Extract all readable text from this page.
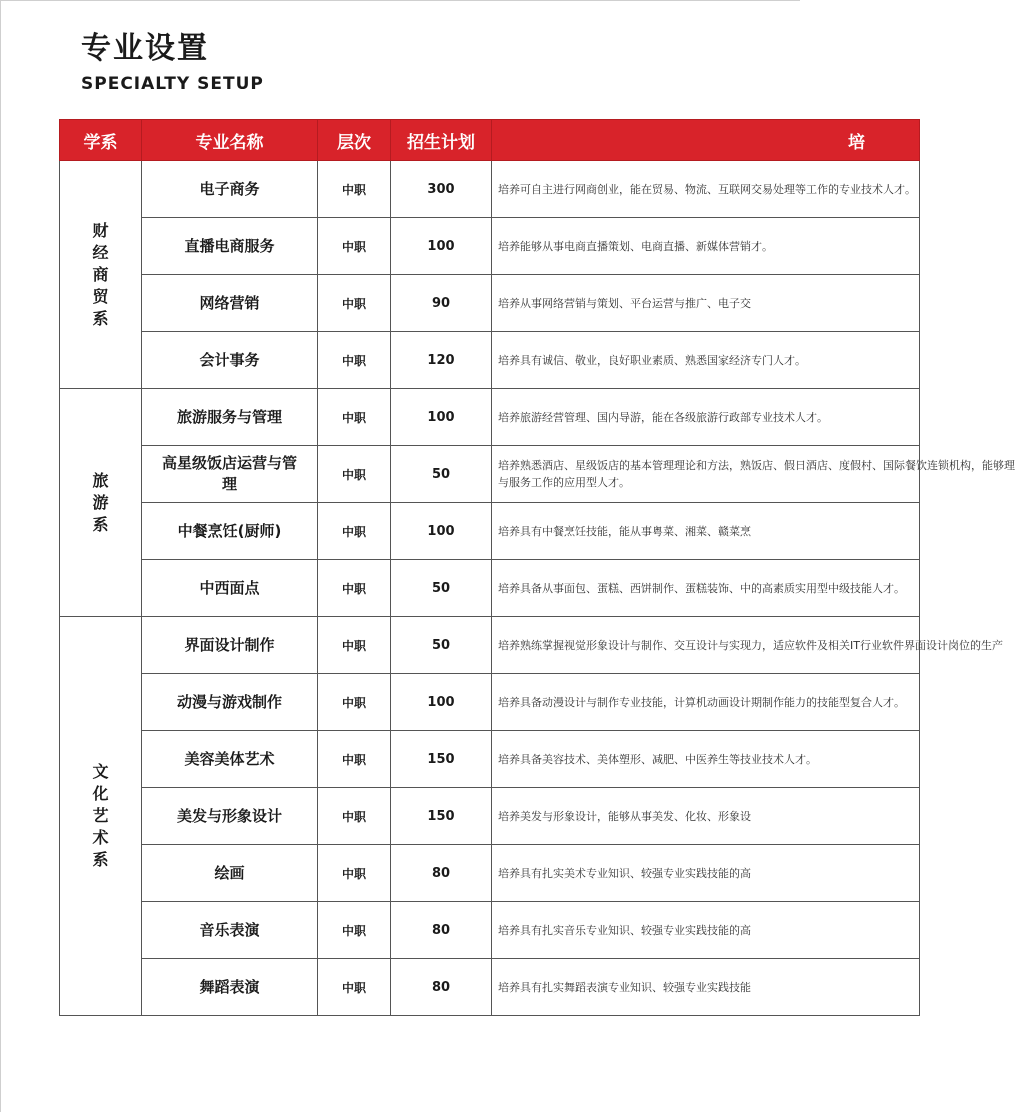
专业设置
SPECIALTY SETUP
学系	专业名称	层次	招生计划	培
财经商贸系	电子商务	中职	300	培养可自主进行网商创业，能在贸易、物流、互联网交易处理等工作的专业技术人才。

	直播电商服务	中职	100	培养能够从事电商直播策划、电商直播、新媒体营销才。

	网络营销	中职	90	培养从事网络营销与策划、平台运营与推广、电子交

	会计事务	中职	120	培养具有诚信、敬业，良好职业素质、熟悉国家经济专门人才。

旅游系	旅游服务与管理	中职	100	培养旅游经营管理、国内导游，能在各级旅游行政部专业技术人才。

	高星级饭店运营与管理	中职	50	培养熟悉酒店、星级饭店的基本管理理论和方法，熟饭店、假日酒店、度假村、国际餐饮连锁机构，能够理与服务工作的应用型人才。

	中餐烹饪(厨师)	中职	100	培养具有中餐烹饪技能，能从事粤菜、湘菜、赣菜烹

	中西面点	中职	50	培养具备从事面包、蛋糕、西饼制作、蛋糕装饰、中的高素质实用型中级技能人才。

文化艺术系	界面设计制作	中职	50	培养熟练掌握视觉形象设计与制作、交互设计与实现力，适应软件及相关IT行业软件界面设计岗位的生产

	动漫与游戏制作	中职	100	培养具备动漫设计与制作专业技能，计算机动画设计期制作能力的技能型复合人才。

	美容美体艺术	中职	150	培养具备美容技术、美体塑形、减肥、中医养生等技业技术人才。

	美发与形象设计	中职	150	培养美发与形象设计，能够从事美发、化妆、形象设

	绘画	中职	80	培养具有扎实美术专业知识、较强专业实践技能的高

	音乐表演	中职	80	培养具有扎实音乐专业知识、较强专业实践技能的高

	舞蹈表演	中职	80	培养具有扎实舞蹈表演专业知识、较强专业实践技能
